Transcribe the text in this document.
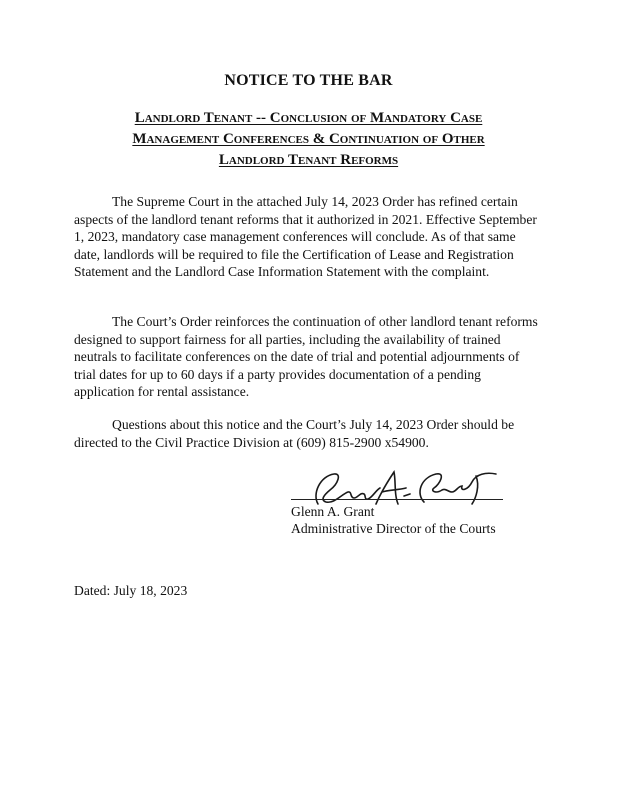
NOTICE TO THE BAR
Landlord Tenant -- Conclusion of Mandatory Case
Management Conferences & Continuation of Other
Landlord Tenant Reforms

The Supreme Court in the attached July 14, 2023 Order has refined certain aspects of the landlord tenant reforms that it authorized in 2021. Effective September 1, 2023, mandatory case management conferences will conclude. As of that same date, landlords will be required to file the Certification of Lease and Registration Statement and the Landlord Case Information Statement with the complaint.

The Court’s Order reinforces the continuation of other landlord tenant reforms designed to support fairness for all parties, including the availability of trained neutrals to facilitate conferences on the date of trial and potential adjournments of trial dates for up to 60 days if a party provides documentation of a pending application for rental assistance.

Questions about this notice and the Court’s July 14, 2023 Order should be directed to the Civil Practice Division at (609) 815-2900 x54900.

Glenn A. Grant
Administrative Director of the Courts
Dated: July 18, 2023
